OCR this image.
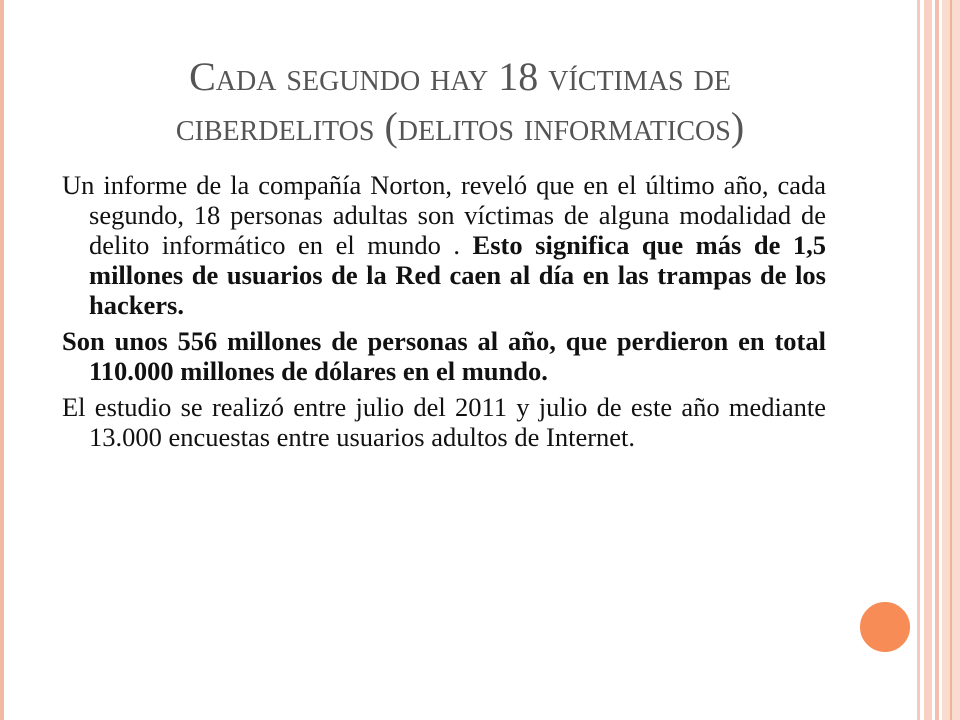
Cada segundo hay 18 víctimas de
ciberdelitos (delitos informaticos)

Un informe de la compañía Norton, reveló que en el último año, cada segundo, 18 personas adultas son víctimas de alguna modalidad de delito informático en el mundo . Esto significa que más de 1,5 millones de usuarios de la Red caen al día en las trampas de los hackers.

Son unos 556 millones de personas al año, que perdieron en total 110.000 millones de dólares en el mundo.

El estudio se realizó entre julio del 2011 y julio de este año mediante 13.000 encuestas entre usuarios adultos de Internet.
